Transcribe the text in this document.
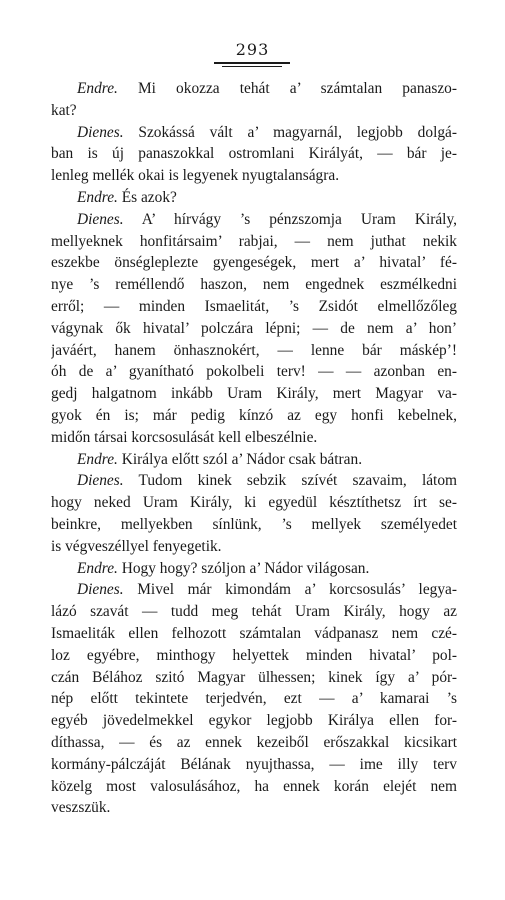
293
Endre. Mi okozza tehát a’ számtalan panaszo-
kat?
Dienes. Szokássá vált a’ magyarnál, legjobb dolgá-
ban is új panaszokkal ostromlani Királyát, — bár je-
lenleg mellék okai is legyenek nyugtalanságra.
Endre. És azok?
Dienes. A’ hírvágy ’s pénzszomja Uram Király,
mellyeknek honfitársaim’ rabjai, — nem juthat nekik
eszekbe önséglepleztе gyengeségek, mert a’ hivatal’ fé-
nye ’s reméllendő haszon, nem engednek eszmélkedni
erről; — minden Ismaelitát, ’s Zsidót elmellőzőleg
vágynak ők hivatal’ polczára lépni; — de nem a’ hon’
javáért, hanem önhasznokért, — lenne bár másképʼ!
óh de a’ gyanítható pokolbeli terv! — — azonban en-
gedj halgatnom inkább Uram Király, mert Magyar va-
gyok én is; már pedig kínzó az egy honfi kebelnek,
midőn társai korcsosulását kell elbeszélnie.
Endre. Királya előtt szól a’ Nádor csak bátran.
Dienes. Tudom kinek sebzik szívét szavaim, látom
hogy neked Uram Király, ki egyedül késztíthetsz írt se-
beinkre, mellyekben sínlünk, ’s mellyek személyedet
is végveszéllyel fenyegetik.
Endre. Hogy hogy? szóljon a’ Nádor világosan.
Dienes. Mivel már kimondám a’ korcsosulás’ legya-
lázó szavát — tudd meg tehát Uram Király, hogy az
Ismaeliták ellen felhozott számtalan vádpanasz nem czé-
loz egyébre, minthogy helyettek minden hivatal’ pol-
czán Bélához szitó Magyar ülhessen; kinek így a’ pór-
nép előtt tekintete terjedvén, ezt — a’ kamarai ’s
egyéb jövedelmekkel egykor legjobb Királya ellen for-
díthassa, — és az ennek kezeiből erőszakkal kicsikart
kormány-pálczáját Bélának nyujthassa, — ime illy terv
közelg most valosulásához, ha ennek korán elejét nem
veszszük.
